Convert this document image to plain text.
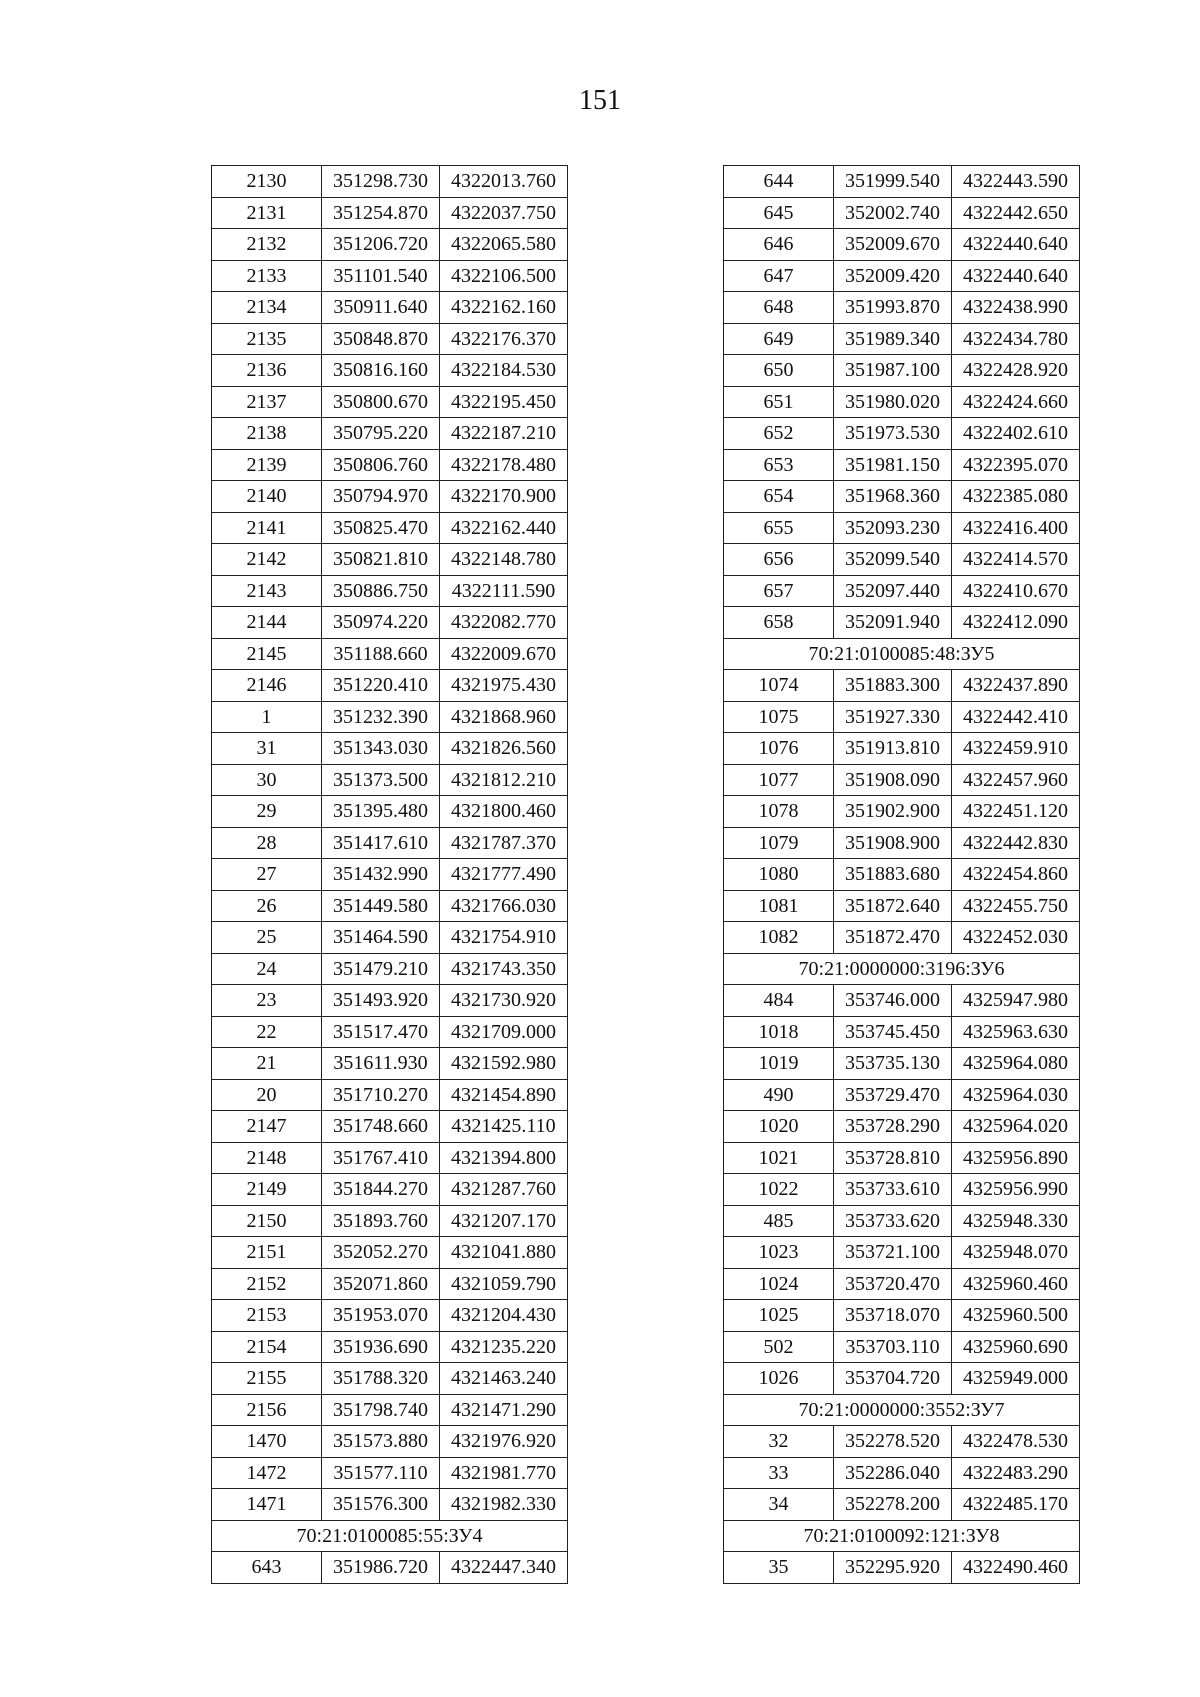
151
2130	351298.730	4322013.760
2131	351254.870	4322037.750
2132	351206.720	4322065.580
2133	351101.540	4322106.500
2134	350911.640	4322162.160
2135	350848.870	4322176.370
2136	350816.160	4322184.530
2137	350800.670	4322195.450
2138	350795.220	4322187.210
2139	350806.760	4322178.480
2140	350794.970	4322170.900
2141	350825.470	4322162.440
2142	350821.810	4322148.780
2143	350886.750	4322111.590
2144	350974.220	4322082.770
2145	351188.660	4322009.670
2146	351220.410	4321975.430
1	351232.390	4321868.960
31	351343.030	4321826.560
30	351373.500	4321812.210
29	351395.480	4321800.460
28	351417.610	4321787.370
27	351432.990	4321777.490
26	351449.580	4321766.030
25	351464.590	4321754.910
24	351479.210	4321743.350
23	351493.920	4321730.920
22	351517.470	4321709.000
21	351611.930	4321592.980
20	351710.270	4321454.890
2147	351748.660	4321425.110
2148	351767.410	4321394.800
2149	351844.270	4321287.760
2150	351893.760	4321207.170
2151	352052.270	4321041.880
2152	352071.860	4321059.790
2153	351953.070	4321204.430
2154	351936.690	4321235.220
2155	351788.320	4321463.240
2156	351798.740	4321471.290
1470	351573.880	4321976.920
1472	351577.110	4321981.770
1471	351576.300	4321982.330
70:21:0100085:55:ЗУ4		
643	351986.720	4322447.340
644	351999.540	4322443.590
645	352002.740	4322442.650
646	352009.670	4322440.640
647	352009.420	4322440.640
648	351993.870	4322438.990
649	351989.340	4322434.780
650	351987.100	4322428.920
651	351980.020	4322424.660
652	351973.530	4322402.610
653	351981.150	4322395.070
654	351968.360	4322385.080
655	352093.230	4322416.400
656	352099.540	4322414.570
657	352097.440	4322410.670
658	352091.940	4322412.090
70:21:0100085:48:ЗУ5		
1074	351883.300	4322437.890
1075	351927.330	4322442.410
1076	351913.810	4322459.910
1077	351908.090	4322457.960
1078	351902.900	4322451.120
1079	351908.900	4322442.830
1080	351883.680	4322454.860
1081	351872.640	4322455.750
1082	351872.470	4322452.030
70:21:0000000:3196:ЗУ6		
484	353746.000	4325947.980
1018	353745.450	4325963.630
1019	353735.130	4325964.080
490	353729.470	4325964.030
1020	353728.290	4325964.020
1021	353728.810	4325956.890
1022	353733.610	4325956.990
485	353733.620	4325948.330
1023	353721.100	4325948.070
1024	353720.470	4325960.460
1025	353718.070	4325960.500
502	353703.110	4325960.690
1026	353704.720	4325949.000
70:21:0000000:3552:ЗУ7		
32	352278.520	4322478.530
33	352286.040	4322483.290
34	352278.200	4322485.170
70:21:0100092:121:ЗУ8		
35	352295.920	4322490.460
